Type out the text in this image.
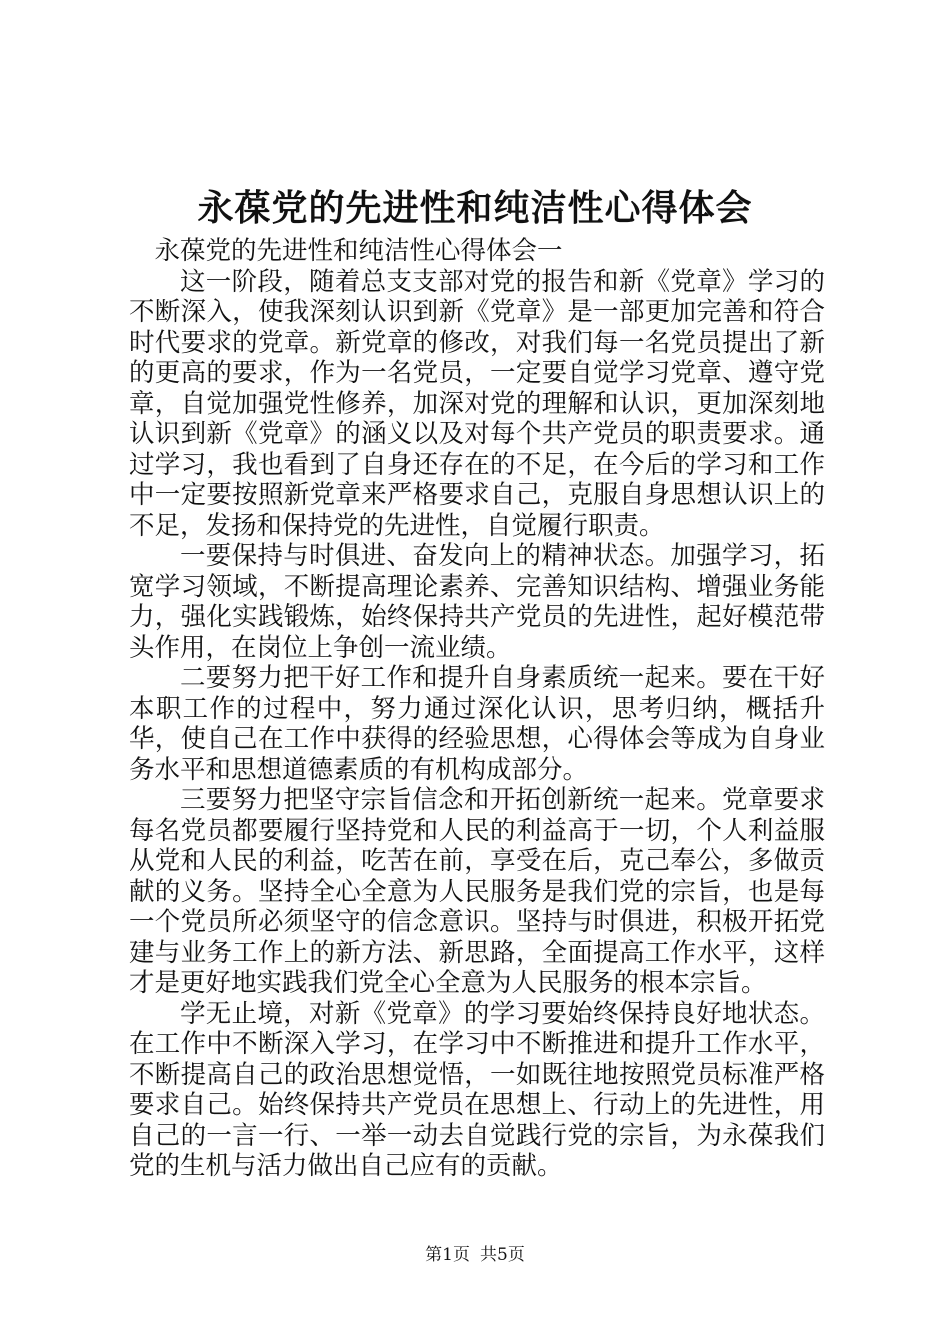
永葆党的先进性和纯洁性心得体会

永葆党的先进性和纯洁性心得体会一

这一阶段，随着总支支部对党的报告和新《党章》学习的不断深入，使我深刻认识到新《党章》是一部更加完善和符合时代要求的党章。新党章的修改，对我们每一名党员提出了新的更高的要求，作为一名党员，一定要自觉学习党章、遵守党章，自觉加强党性修养，加深对党的理解和认识，更加深刻地认识到新《党章》的涵义以及对每个共产党员的职责要求。通过学习，我也看到了自身还存在的不足，在今后的学习和工作中一定要按照新党章来严格要求自己，克服自身思想认识上的不足，发扬和保持党的先进性，自觉履行职责。

一要保持与时俱进、奋发向上的精神状态。加强学习，拓宽学习领域，不断提高理论素养、完善知识结构、增强业务能力，强化实践锻炼，始终保持共产党员的先进性，起好模范带头作用，在岗位上争创一流业绩。

二要努力把干好工作和提升自身素质统一起来。要在干好本职工作的过程中，努力通过深化认识，思考归纳，概括升华，使自己在工作中获得的经验思想，心得体会等成为自身业务水平和思想道德素质的有机构成部分。

三要努力把坚守宗旨信念和开拓创新统一起来。党章要求每名党员都要履行坚持党和人民的利益高于一切，个人利益服从党和人民的利益，吃苦在前，享受在后，克己奉公，多做贡献的义务。坚持全心全意为人民服务是我们党的宗旨，也是每一个党员所必须坚守的信念意识。坚持与时俱进，积极开拓党建与业务工作上的新方法、新思路，全面提高工作水平，这样才是更好地实践我们党全心全意为人民服务的根本宗旨。

学无止境，对新《党章》的学习要始终保持良好地状态。在工作中不断深入学习，在学习中不断推进和提升工作水平，不断提高自己的政治思想觉悟，一如既往地按照党员标准严格要求自己。始终保持共产党员在思想上、行动上的先进性，用自己的一言一行、一举一动去自觉践行党的宗旨，为永葆我们党的生机与活力做出自己应有的贡献。

第1页 共5页
